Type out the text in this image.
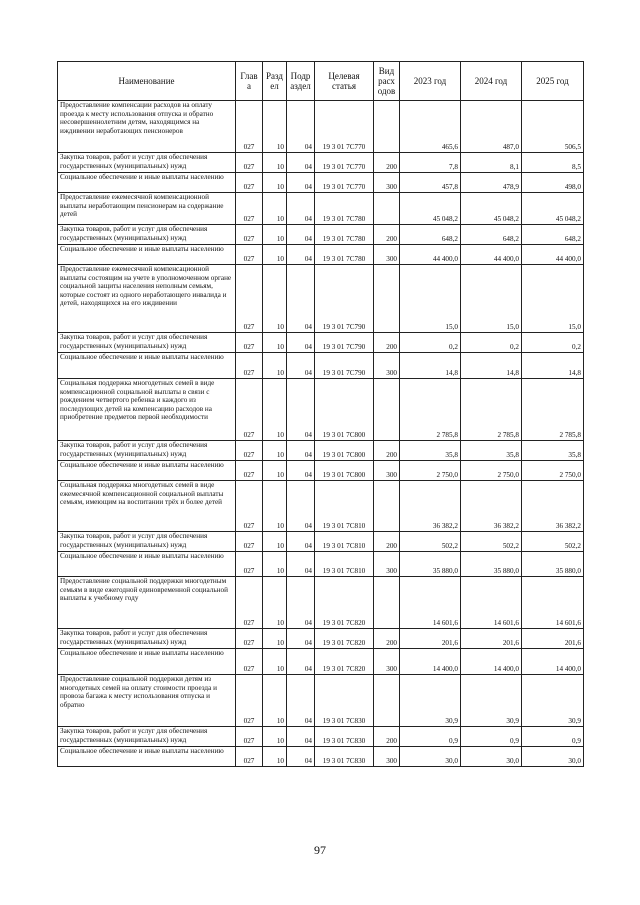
Наименование	Глав а	Разд ел	Подр аздел	Целевая статья	Вид расх одов	2023 год	2024 год	2025 год
Предоставление компенсации расходов на оплату проезда к месту использования отпуска и обратно несовершеннолетним детям, находящимся на иждивении неработающих пенсионеров	027	10	04	19 3 01 7С770		465,6	487,0	506,5
Закупка товаров, работ и услуг для обеспечения государственных (муниципальных) нужд	027	10	04	19 3 01 7С770	200	7,8	8,1	8,5
Социальное обеспечение и иные выплаты населению	027	10	04	19 3 01 7С770	300	457,8	478,9	498,0
Предоставление ежемесячной компенсационной выплаты неработающим пенсионерам на содержание детей	027	10	04	19 3 01 7С780		45 048,2	45 048,2	45 048,2
Закупка товаров, работ и услуг для обеспечения государственных (муниципальных) нужд	027	10	04	19 3 01 7С780	200	648,2	648,2	648,2
Социальное обеспечение и иные выплаты населению	027	10	04	19 3 01 7С780	300	44 400,0	44 400,0	44 400,0
Предоставление ежемесячной компенсационной выплаты состоящим на учете в уполномоченном органе социальной защиты населения неполным семьям, которые состоят из одного неработающего инвалида и детей, находящихся на его иждивении	027	10	04	19 3 01 7С790		15,0	15,0	15,0
Закупка товаров, работ и услуг для обеспечения государственных (муниципальных) нужд	027	10	04	19 3 01 7С790	200	0,2	0,2	0,2
Социальное обеспечение и иные выплаты населению	027	10	04	19 3 01 7С790	300	14,8	14,8	14,8
Социальная поддержка многодетных семей в виде компенсационной социальной выплаты в связи с рождением четвертого ребенка и каждого из последующих детей на компенсацию расходов на приобретение предметов первой необходимости	027	10	04	19 3 01 7С800		2 785,8	2 785,8	2 785,8
Закупка товаров, работ и услуг для обеспечения государственных (муниципальных) нужд	027	10	04	19 3 01 7С800	200	35,8	35,8	35,8
Социальное обеспечение и иные выплаты населению	027	10	04	19 3 01 7С800	300	2 750,0	2 750,0	2 750,0
Социальная поддержка многодетных семей в виде ежемесячной компенсационной социальной выплаты семьям, имеющим на воспитании трёх и более детей	027	10	04	19 3 01 7С810		36 382,2	36 382,2	36 382,2
Закупка товаров, работ и услуг для обеспечения государственных (муниципальных) нужд	027	10	04	19 3 01 7С810	200	502,2	502,2	502,2
Социальное обеспечение и иные выплаты населению	027	10	04	19 3 01 7С810	300	35 880,0	35 880,0	35 880,0
Предоставление социальной поддержки многодетным семьям в виде ежегодной единовременной социальной выплаты к учебному году	027	10	04	19 3 01 7С820		14 601,6	14 601,6	14 601,6
Закупка товаров, работ и услуг для обеспечения государственных (муниципальных) нужд	027	10	04	19 3 01 7С820	200	201,6	201,6	201,6
Социальное обеспечение и иные выплаты населению	027	10	04	19 3 01 7С820	300	14 400,0	14 400,0	14 400,0
Предоставление социальной поддержки детям из многодетных семей на оплату стоимости проезда и провоза багажа к месту использования отпуска и обратно	027	10	04	19 3 01 7С830		30,9	30,9	30,9
Закупка товаров, работ и услуг для обеспечения государственных (муниципальных) нужд	027	10	04	19 3 01 7С830	200	0,9	0,9	0,9
Социальное обеспечение и иные выплаты населению	027	10	04	19 3 01 7С830	300	30,0	30,0	30,0
97
